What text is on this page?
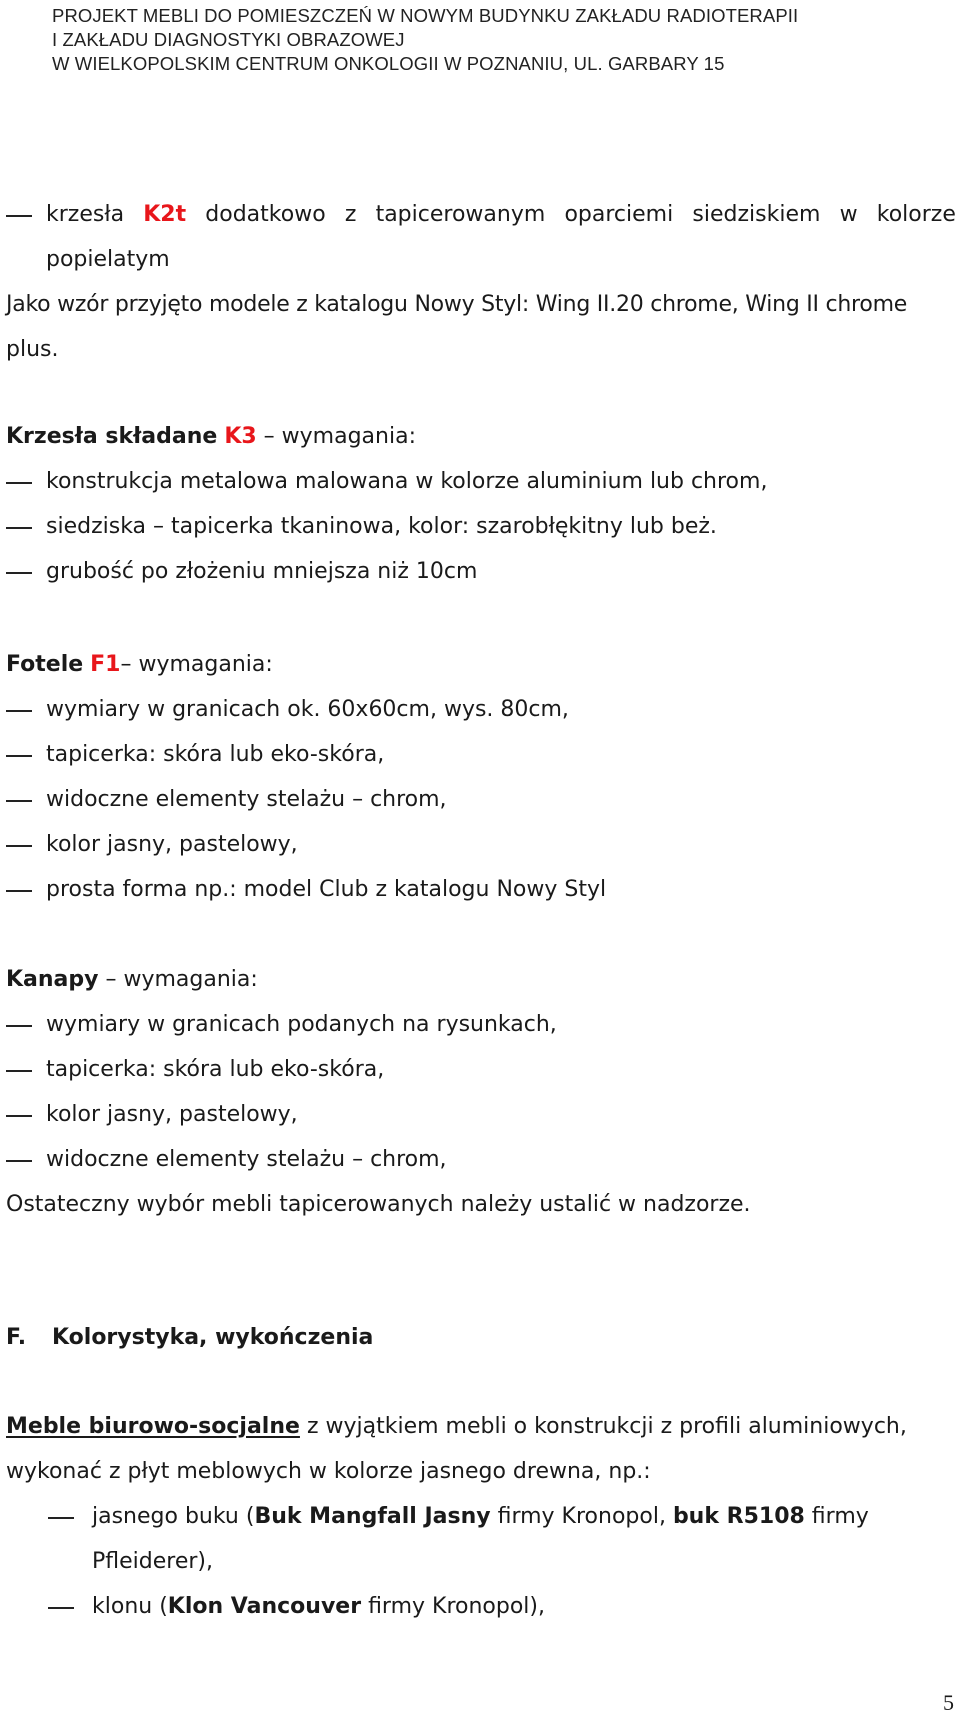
PROJEKT MEBLI DO POMIESZCZEŃ W NOWYM BUDYNKU ZAKŁADU RADIOTERAPII
I ZAKŁADU DIAGNOSTYKI OBRAZOWEJ
W WIELKOPOLSKIM CENTRUM ONKOLOGII W POZNANIU, UL. GARBARY 15
krzesła K2t dodatkowo z tapicerowanym oparciemi siedziskiem w kolorze
popielatym
Jako wzór przyjęto modele z katalogu Nowy Styl: Wing II.20 chrome, Wing II chrome
plus.
Krzesła składane K3 – wymagania:
konstrukcja metalowa malowana w kolorze aluminium lub chrom,
siedziska – tapicerka tkaninowa, kolor: szarobłękitny lub beż.
grubość po złożeniu mniejsza niż 10cm
Fotele F1– wymagania:
wymiary w granicach ok. 60x60cm, wys. 80cm,
tapicerka: skóra lub eko-skóra,
widoczne elementy stelażu – chrom,
kolor jasny, pastelowy,
prosta forma np.: model Club z katalogu Nowy Styl
Kanapy – wymagania:
wymiary w granicach podanych na rysunkach,
tapicerka: skóra lub eko-skóra,
kolor jasny, pastelowy,
widoczne elementy stelażu – chrom,
Ostateczny wybór mebli tapicerowanych należy ustalić w nadzorze.
F. Kolorystyka, wykończenia
Meble biurowo-socjalne z wyjątkiem mebli o konstrukcji z profili aluminiowych,
wykonać z płyt meblowych w kolorze jasnego drewna, np.:
jasnego buku (Buk Mangfall Jasny firmy Kronopol, buk R5108 firmy
Pfleiderer),
klonu (Klon Vancouver firmy Kronopol),
5
